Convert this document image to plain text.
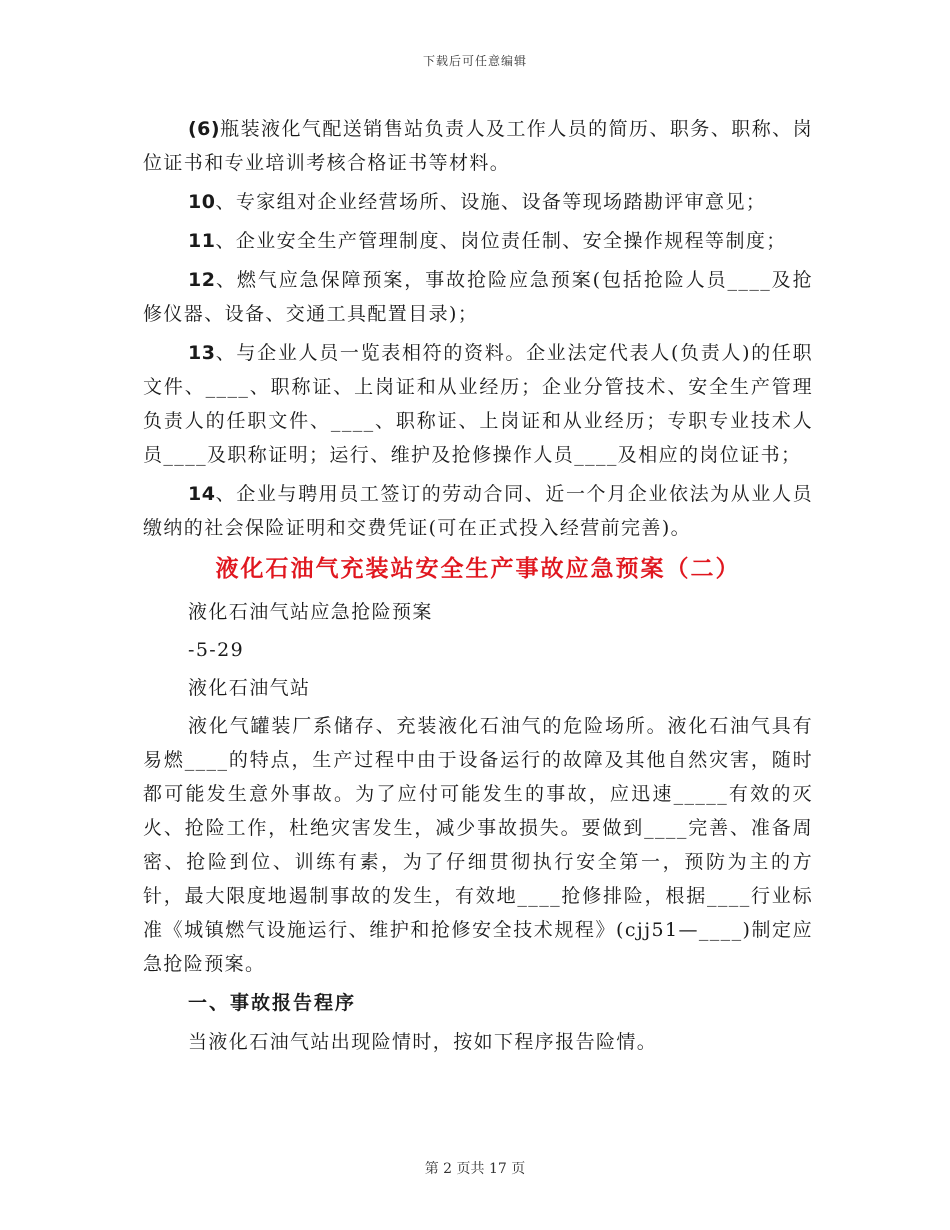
下载后可任意编辑

(6)瓶装液化气配送销售站负责人及工作人员的简历、职务、职称、岗位证书和专业培训考核合格证书等材料。

10、专家组对企业经营场所、设施、设备等现场踏勘评审意见；

11、企业安全生产管理制度、岗位责任制、安全操作规程等制度；

12、燃气应急保障预案，事故抢险应急预案(包括抢险人员____及抢修仪器、设备、交通工具配置目录)；

13、与企业人员一览表相符的资料。企业法定代表人(负责人)的任职文件、____、职称证、上岗证和从业经历；企业分管技术、安全生产管理负责人的任职文件、____、职称证、上岗证和从业经历；专职专业技术人员____及职称证明；运行、维护及抢修操作人员____及相应的岗位证书；

14、企业与聘用员工签订的劳动合同、近一个月企业依法为从业人员缴纳的社会保险证明和交费凭证(可在正式投入经营前完善)。

液化石油气充装站安全生产事故应急预案（二）

液化石油气站应急抢险预案

-5-29

液化石油气站

液化气罐装厂系储存、充装液化石油气的危险场所。液化石油气具有易燃____的特点，生产过程中由于设备运行的故障及其他自然灾害，随时都可能发生意外事故。为了应付可能发生的事故，应迅速_____有效的灭火、抢险工作，杜绝灾害发生，减少事故损失。要做到____完善、准备周密、抢险到位、训练有素，为了仔细贯彻执行安全第一，预防为主的方针，最大限度地遏制事故的发生，有效地____抢修排险，根据____行业标准《城镇燃气设施运行、维护和抢修安全技术规程》(cjj51—____)制定应急抢险预案。

一、事故报告程序

当液化石油气站出现险情时，按如下程序报告险情。

第 2 页共 17 页
